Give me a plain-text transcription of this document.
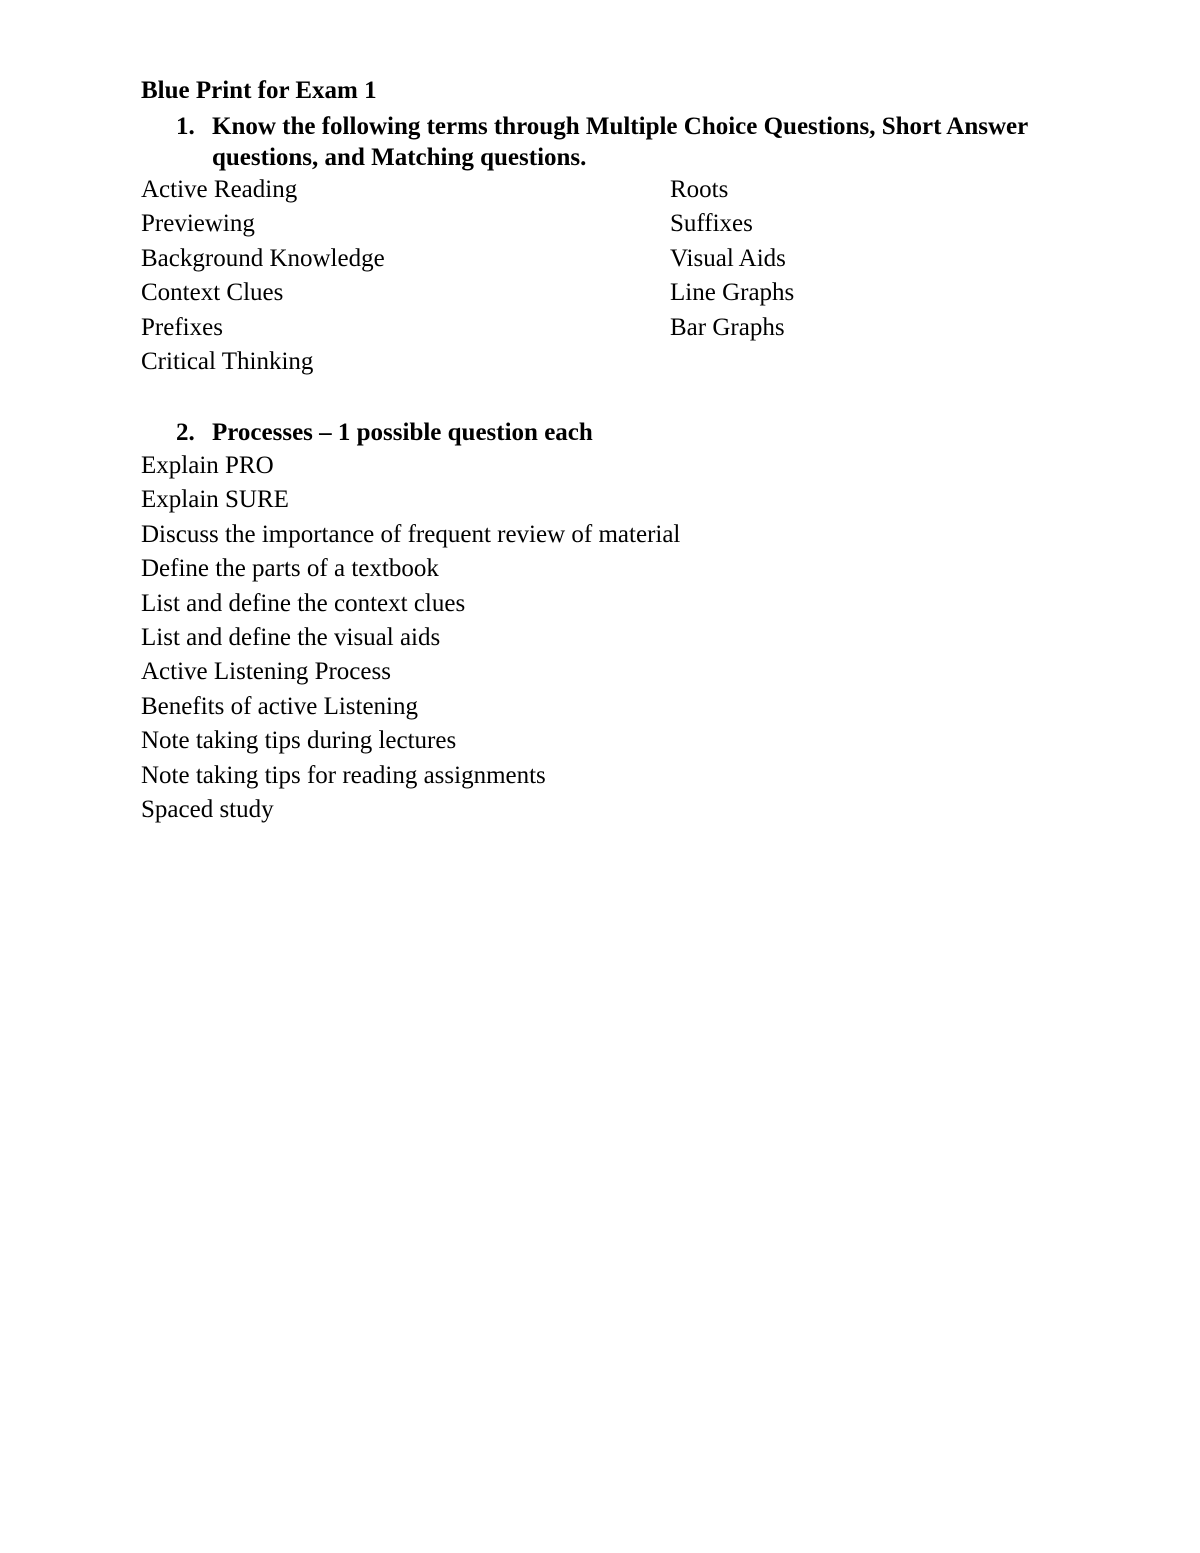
Blue Print for Exam 1
1. Know the following terms through Multiple Choice Questions, Short Answer questions, and Matching questions.
Active Reading
Previewing
Background Knowledge
Context Clues
Prefixes
Critical Thinking
Roots
Suffixes
Visual Aids
Line Graphs
Bar Graphs
2. Processes – 1 possible question each
Explain PRO
Explain SURE
Discuss the importance of frequent review of material
Define the parts of a textbook
List and define the context clues
List and define the visual aids
Active Listening Process
Benefits of active Listening
Note taking tips during lectures
Note taking tips for reading assignments
Spaced study
